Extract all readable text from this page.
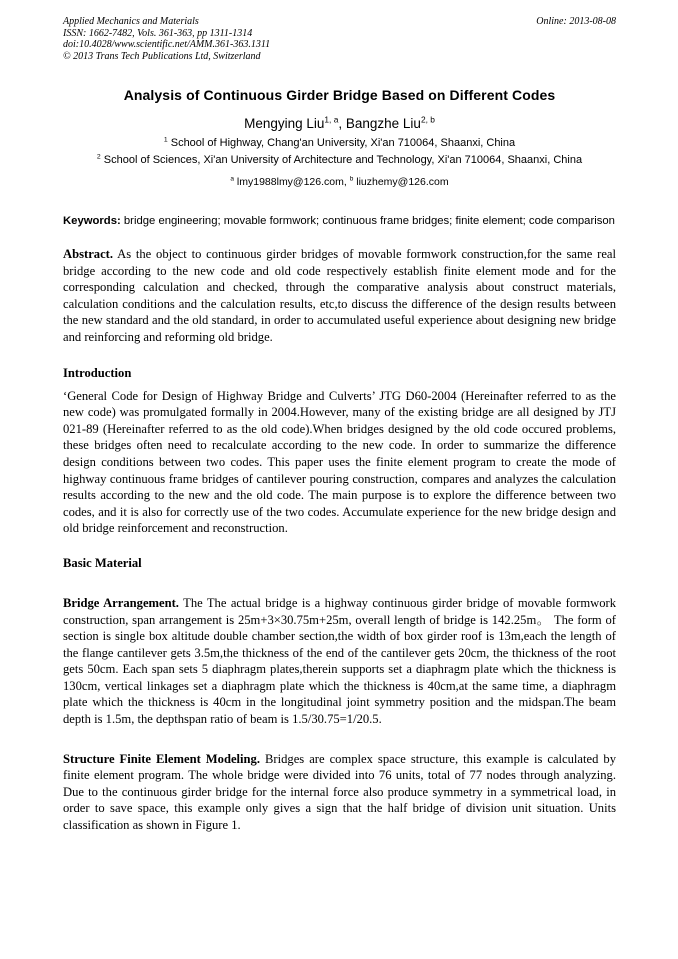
Applied Mechanics and Materials
ISSN: 1662-7482, Vols. 361-363, pp 1311-1314
doi:10.4028/www.scientific.net/AMM.361-363.1311
© 2013 Trans Tech Publications Ltd, Switzerland
Online: 2013-08-08
Analysis of Continuous Girder Bridge Based on Different Codes
Mengying Liu$^{1, a}$, Bangzhe Liu$^{2, b}$
$^1$ School of Highway, Chang'an University, Xi'an 710064, Shaanxi, China
$^2$ School of Sciences, Xi'an University of Architecture and Technology, Xi'an 710064, Shaanxi, China
$^a$ lmy1988lmy@126.com, $^b$ liuzhemy@126.com
Keywords: bridge engineering; movable formwork; continuous frame bridges; finite element; code comparison
Abstract. As the object to continuous girder bridges of movable formwork construction,for the same real bridge according to the new code and old code respectively establish finite element mode and for the corresponding calculation and checked, through the comparative analysis about construct materials, calculation conditions and the calculation results, etc,to discuss the difference of the design results between the new standard and the old standard, in order to accumulated useful experience about designing new bridge and reinforcing and reforming old bridge.
Introduction
‘General Code for Design of Highway Bridge and Culverts’ JTG D60-2004 (Hereinafter referred to as the new code) was promulgated formally in 2004.However, many of the existing bridge are all designed by JTJ 021-89 (Hereinafter referred to as the old code).When bridges designed by the old code occured problems, these bridges often need to recalculate according to the new code. In order to summarize the difference design conditions between two codes. This paper uses the finite element program to create the mode of highway continuous frame bridges of cantilever pouring construction, compares and analyzes the calculation results according to the new and the old code. The main purpose is to explore the difference between two codes, and it is also for correctly use of the two codes. Accumulate experience for the new bridge design and old bridge reinforcement and reconstruction.
Basic Material
Bridge Arrangement. The The actual bridge is a highway continuous girder bridge of movable formwork construction, span arrangement is 25m+3×30.75m+25m, overall length of bridge is 142.25m。 The form of section is single box altitude double chamber section,the width of box girder roof is 13m,each the length of the flange cantilever gets 3.5m,the thickness of the end of the cantilever gets 20cm, the thickness of the root gets 50cm. Each span sets 5 diaphragm plates,therein supports set a diaphragm plate which the thickness is 130cm, vertical linkages set a diaphragm plate which the thickness is 40cm,at the same time, a diaphragm plate which the thickness is 40cm in the longitudinal joint symmetry position and the midspan.The beam depth is 1.5m, the depthspan ratio of beam is 1.5/30.75=1/20.5.
Structure Finite Element Modeling. Bridges are complex space structure, this example is calculated by finite element program. The whole bridge were divided into 76 units, total of 77 nodes through analyzing. Due to the continuous girder bridge for the internal force also produce symmetry in a symmetrical load, in order to save space, this example only gives a sign that the half bridge of division unit situation. Units classification as shown in Figure 1.
